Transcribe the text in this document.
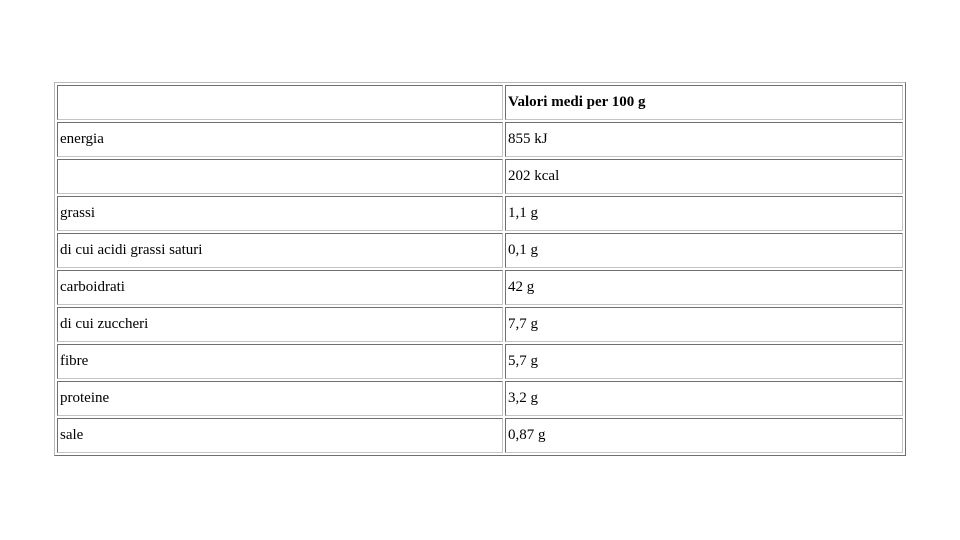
	Valori medi per 100 g
energia	855 kJ
	202 kcal
grassi	1,1 g
di cui acidi grassi saturi	0,1 g
carboidrati	42 g
di cui zuccheri	7,7 g
fibre	5,7 g
proteine	3,2 g
sale	0,87 g
